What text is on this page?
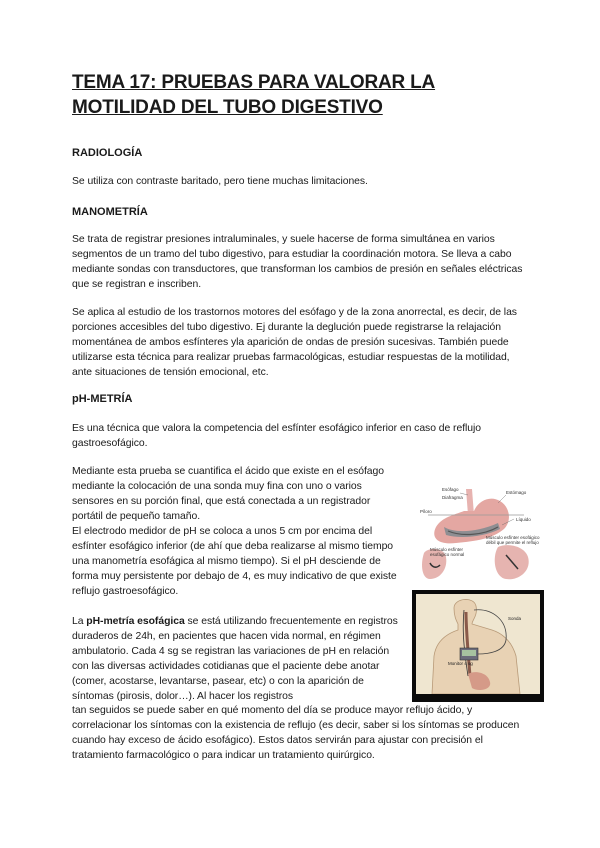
TEMA 17: PRUEBAS PARA VALORAR LA MOTILIDAD DEL TUBO DIGESTIVO
RADIOLOGÍA

Se utiliza con contraste baritado, pero tiene muchas limitaciones.

MANOMETRÍA

Se trata de registrar presiones intraluminales, y suele hacerse de forma simultánea en varios segmentos de un tramo del tubo digestivo, para estudiar la coordinación motora. Se lleva a cabo mediante sondas con transductores, que transforman los cambios de presión en señales eléctricas que se registran e inscriben.

Se aplica al estudio de los trastornos motores del esófago y de la zona anorrectal, es decir, de las porciones accesibles del tubo digestivo. Ej durante la deglución puede registrarse la relajación momentánea de ambos esfínteres yla aparición de ondas de presión sucesivas. También puede utilizarse esta técnica para realizar pruebas farmacológicas, estudiar respuestas de la motilidad, ante situaciones de tensión emocional, etc.

pH-METRÍA

Es una técnica que valora la competencia del esfínter esofágico inferior en caso de reflujo gastroesofágico.

Mediante esta prueba se cuantifica el ácido que existe en el esófago mediante la colocación de una sonda muy fina con uno o varios sensores en su porción final, que está conectada a un registrador portátil de pequeño tamaño.

El electrodo medidor de pH se coloca a unos 5 cm por encima del esfínter esofágico inferior (de ahí que deba realizarse al mismo tiempo una manometría esofágica al mismo tiempo). Si el pH desciende de forma muy persistente por debajo de 4, es muy indicativo de que existe reflujo gastroesofágico.

La pH-metría esofágica se está utilizando frecuentemente en registros duraderos de 24h, en pacientes que hacen vida normal, en régimen ambulatorio. Cada 4 sg se registran las variaciones de pH en relación con las diversas actividades cotidianas que el paciente debe anotar (comer, acostarse, levantarse, pasear, etc) o con la aparición de síntomas (pirosis, dolor…). Al hacer los registros

tan seguidos se puede saber en qué momento del día se produce mayor reflujo ácido, y correlacionar los síntomas con la existencia de reflujo (es decir, saber si los síntomas se producen cuando hay exceso de ácido esofágico). Estos datos servirán para ajustar con precisión el tratamiento farmacológico o para indicar un tratamiento quirúrgico.

Esófago
Diafragma
Píloro
Estómago
Líquido
Músculo esfínter esofágico normal
Músculo esfínter esofágico débil que permite el reflujo
Monitor 4 sg
Sonda
